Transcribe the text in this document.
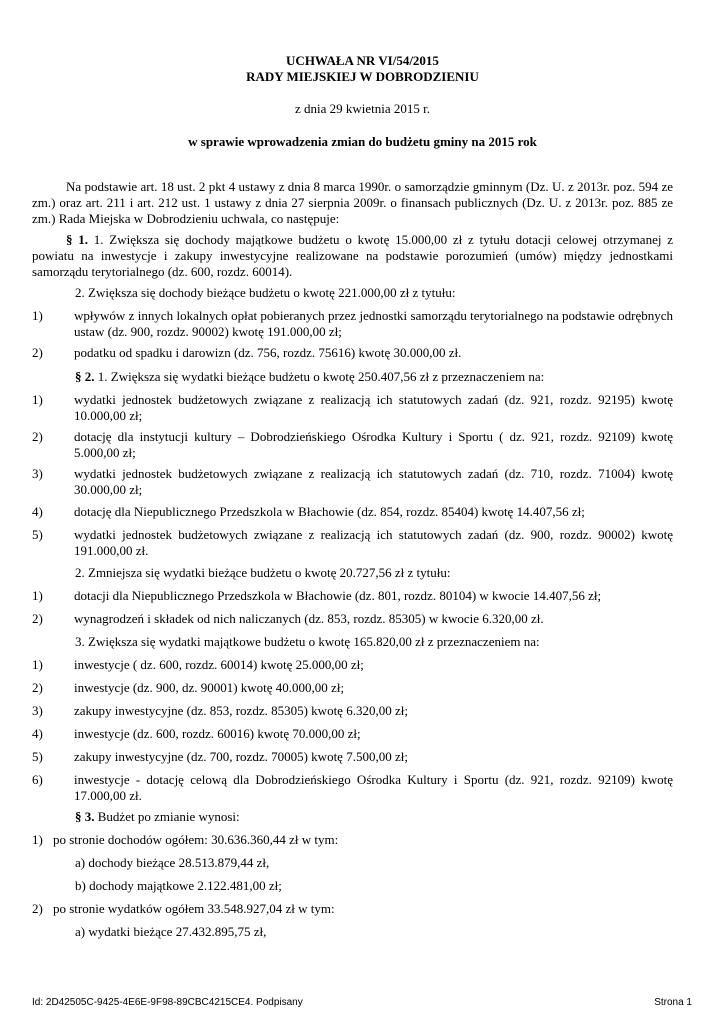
UCHWAŁA NR VI/54/2015
RADY MIEJSKIEJ W DOBRODZIENIU
z dnia 29 kwietnia 2015 r.
w sprawie wprowadzenia zmian do budżetu gminy na 2015 rok
Na podstawie art. 18 ust. 2 pkt 4 ustawy z dnia 8 marca 1990r. o samorządzie gminnym (Dz. U. z 2013r. poz. 594 ze zm.) oraz art. 211 i art. 212 ust. 1 ustawy z dnia 27 sierpnia 2009r. o finansach publicznych (Dz. U. z 2013r. poz. 885 ze zm.) Rada Miejska w Dobrodzieniu uchwala, co następuje:
§ 1. 1. Zwiększa się dochody majątkowe budżetu o kwotę 15.000,00 zł z tytułu dotacji celowej otrzymanej z powiatu na inwestycje i zakupy inwestycyjne realizowane na podstawie porozumień (umów) między jednostkami samorządu terytorialnego (dz. 600, rozdz. 60014).
2. Zwiększa się dochody bieżące budżetu o kwotę 221.000,00 zł z tytułu:
1) wpływów z innych lokalnych opłat pobieranych przez jednostki samorządu terytorialnego na podstawie odrębnych ustaw (dz. 900, rozdz. 90002) kwotę 191.000,00 zł;
2) podatku od spadku i darowizn (dz. 756, rozdz. 75616) kwotę 30.000,00 zł.
§ 2. 1. Zwiększa się wydatki bieżące budżetu o kwotę 250.407,56 zł z przeznaczeniem na:
1) wydatki jednostek budżetowych związane z realizacją ich statutowych zadań (dz. 921, rozdz. 92195) kwotę 10.000,00 zł;
2) dotację dla instytucji kultury – Dobrodzieńskiego Ośrodka Kultury i Sportu ( dz. 921, rozdz. 92109) kwotę 5.000,00 zł;
3) wydatki jednostek budżetowych związane z realizacją ich statutowych zadań (dz. 710, rozdz. 71004) kwotę 30.000,00 zł;
4) dotację dla Niepublicznego Przedszkola w Błachowie (dz. 854, rozdz. 85404) kwotę 14.407,56 zł;
5) wydatki jednostek budżetowych związane z realizacją ich statutowych zadań (dz. 900, rozdz. 90002) kwotę 191.000,00 zł.
2. Zmniejsza się wydatki bieżące budżetu o kwotę 20.727,56 zł z tytułu:
1) dotacji dla Niepublicznego Przedszkola w Błachowie (dz. 801, rozdz. 80104) w kwocie 14.407,56 zł;
2) wynagrodzeń i składek od nich naliczanych (dz. 853, rozdz. 85305) w kwocie 6.320,00 zł.
3. Zwiększa się wydatki majątkowe budżetu o kwotę 165.820,00 zł z przeznaczeniem na:
1) inwestycje ( dz. 600, rozdz. 60014) kwotę 25.000,00 zł;
2) inwestycje (dz. 900, dz. 90001) kwotę 40.000,00 zł;
3) zakupy inwestycyjne (dz. 853, rozdz. 85305) kwotę 6.320,00 zł;
4) inwestycje (dz. 600, rozdz. 60016) kwotę 70.000,00 zł;
5) zakupy inwestycyjne (dz. 700, rozdz. 70005) kwotę 7.500,00 zł;
6) inwestycje - dotację celową dla Dobrodzieńskiego Ośrodka Kultury i Sportu (dz. 921, rozdz. 92109) kwotę 17.000,00 zł.
§ 3. Budżet po zmianie wynosi:
1) po stronie dochodów ogółem: 30.636.360,44 zł w tym:
a) dochody bieżące 28.513.879,44 zł,
b) dochody majątkowe 2.122.481,00 zł;
2) po stronie wydatków ogółem 33.548.927,04 zł w tym:
a) wydatki bieżące 27.432.895,75 zł,
Id: 2D42505C-9425-4E6E-9F98-89CBC4215CE4. Podpisany	Strona 1
